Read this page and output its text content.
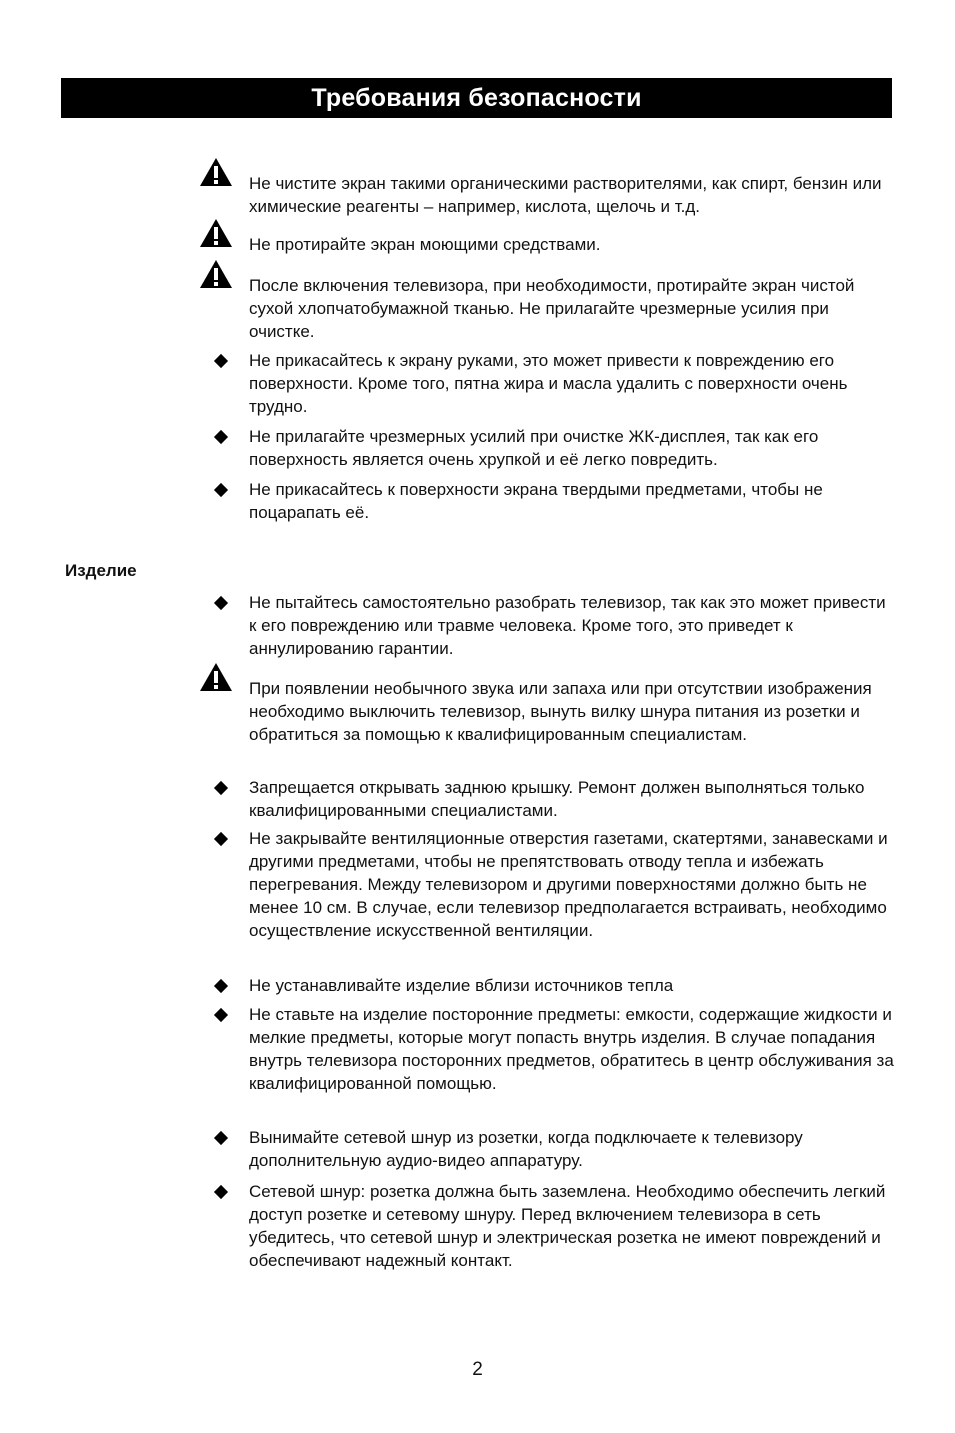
Требования безопасности
Не чистите экран такими органическими растворителями, как спирт, бензин или химические реагенты – например, кислота, щелочь и т.д.
Не протирайте экран моющими средствами.
После включения телевизора, при необходимости, протирайте экран чистой сухой хлопчатобумажной тканью. Не прилагайте чрезмерные усилия при очистке.
Не прикасайтесь к экрану руками, это может привести к повреждению его поверхности. Кроме того, пятна жира и масла удалить с поверхности очень трудно.
Не прилагайте чрезмерных усилий при очистке ЖК-дисплея, так как его поверхность является очень хрупкой и её легко повредить.
Не прикасайтесь к поверхности экрана твердыми предметами, чтобы не поцарапать её.
Изделие
Не пытайтесь самостоятельно разобрать телевизор, так как это может привести к его повреждению или травме человека. Кроме того, это приведет к аннулированию гарантии.
При появлении необычного звука или запаха или при отсутствии изображения необходимо выключить телевизор, вынуть вилку шнура питания из розетки и обратиться за помощью к квалифицированным специалистам.
Запрещается открывать заднюю крышку. Ремонт должен выполняться только квалифицированными специалистами.
Не закрывайте вентиляционные отверстия газетами, скатертями, занавесками и другими предметами, чтобы не препятствовать отводу тепла и избежать перегревания. Между телевизором и другими поверхностями должно быть не менее 10 см. В случае, если телевизор предполагается встраивать, необходимо осуществление искусственной вентиляции.
Не устанавливайте изделие вблизи источников тепла
Не ставьте на изделие посторонние предметы: емкости, содержащие жидкости и мелкие предметы, которые могут попасть внутрь изделия. В случае попадания внутрь телевизора посторонних предметов, обратитесь в центр обслуживания за квалифицированной помощью.
Вынимайте сетевой шнур из розетки, когда подключаете к телевизору дополнительную аудио-видео аппаратуру.
Сетевой шнур: розетка должна быть заземлена. Необходимо обеспечить легкий доступ розетке и сетевому шнуру. Перед включением телевизора в сеть убедитесь, что сетевой шнур и электрическая розетка не имеют повреждений и обеспечивают надежный контакт.
2
